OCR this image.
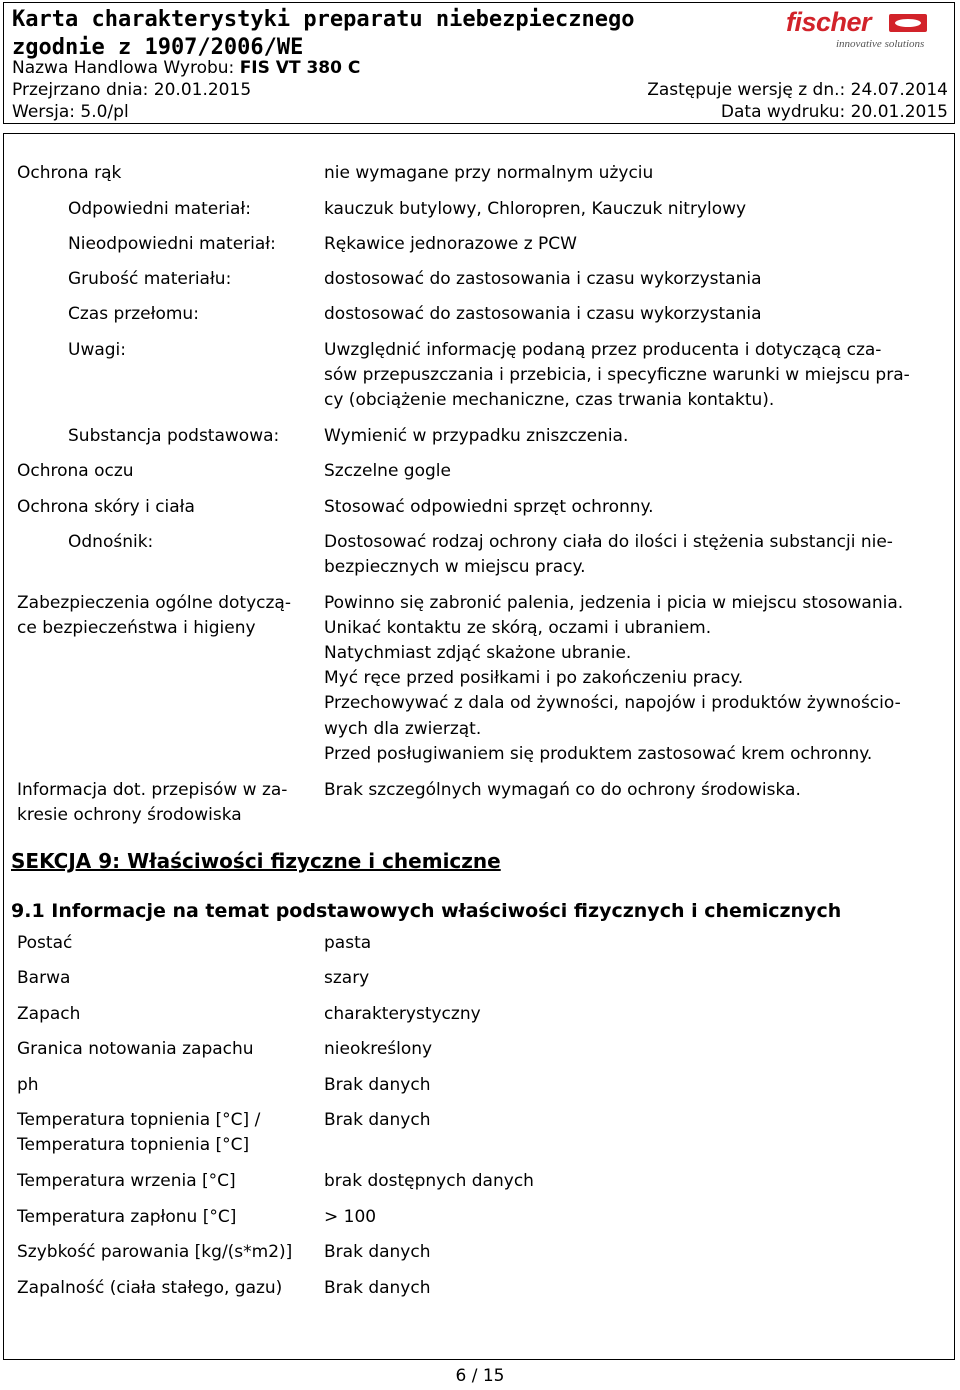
Karta charakterystyki preparatu niebezpiecznego
zgodnie z 1907/2006/WE
Nazwa Handlowa Wyrobu: FIS VT 380 C
Przejrzano dnia: 20.01.2015
Wersja: 5.0/pl
Zastępuje wersję z dn.: 24.07.2014
Data wydruku: 20.01.2015
fischer
innovative solutions
Ochrona rąk	nie wymagane przy normalnym użyciu
Odpowiedni materiał:	kauczuk butylowy, Chloropren, Kauczuk nitrylowy
Nieodpowiedni materiał:	Rękawice jednorazowe z PCW
Grubość materiału:	dostosować do zastosowania i czasu wykorzystania
Czas przełomu:	dostosować do zastosowania i czasu wykorzystania
Uwagi:	Uwzględnić informację podaną przez producenta i dotyczącą cza-
sów przepuszczania i przebicia, i specyficzne warunki w miejscu pra-
cy (obciążenie mechaniczne, czas trwania kontaktu).
Substancja podstawowa:	Wymienić w przypadku zniszczenia.
Ochrona oczu	Szczelne gogle
Ochrona skóry i ciała	Stosować odpowiedni sprzęt ochronny.
Odnośnik:	Dostosować rodzaj ochrony ciała do ilości i stężenia substancji nie-
bezpiecznych w miejscu pracy.
Zabezpieczenia ogólne dotyczą-
ce bezpieczeństwa i higieny
Powinno się zabronić palenia, jedzenia i picia w miejscu stosowania.
Unikać kontaktu ze skórą, oczami i ubraniem.
Natychmiast zdjąć skażone ubranie.
Myć ręce przed posiłkami i po zakończeniu pracy.
Przechowywać z dala od żywności, napojów i produktów żywnościo-
wych dla zwierząt.
Przed posługiwaniem się produktem zastosować krem ochronny.
Informacja dot. przepisów w za-
kresie ochrony środowiska
Brak szczególnych wymagań co do ochrony środowiska.
SEKCJA 9: Właściwości fizyczne i chemiczne
9.1 Informacje na temat podstawowych właściwości fizycznych i chemicznych
Postać	pasta
Barwa	szary
Zapach	charakterystyczny
Granica notowania zapachu	nieokreślony
ph	Brak danych
Temperatura topnienia [°C] /
Temperatura topnienia [°C]
Brak danych
Temperatura wrzenia [°C]	brak dostępnych danych
Temperatura zapłonu [°C]	> 100
Szybkość parowania [kg/(s*m2)] Brak danych
Zapalność (ciała stałego, gazu) Brak danych
6 / 15
